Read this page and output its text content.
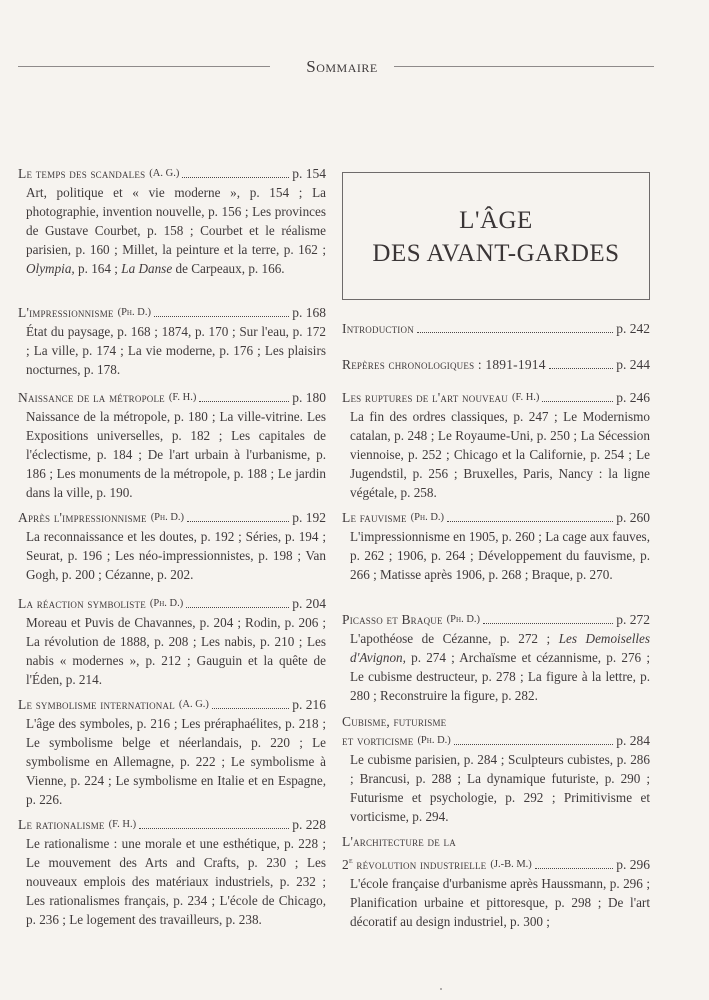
Sommaire
L'ÂGE
DES AVANT-GARDES
Le temps des scandales (A. G.)	p. 154
Art, politique et « vie moderne », p. 154 ; La photographie, invention nouvelle, p. 156 ; Les provinces de Gustave Courbet, p. 158 ; Courbet et le réalisme parisien, p. 160 ; Millet, la peinture et la terre, p. 162 ; Olympia, p. 164 ; La Danse de Carpeaux, p. 166.
L'impressionnisme (Ph. D.)	p. 168
État du paysage, p. 168 ; 1874, p. 170 ; Sur l'eau, p. 172 ; La ville, p. 174 ; La vie moderne, p. 176 ; Les plaisirs nocturnes, p. 178.
Naissance de la métropole (F. H.)	p. 180
Naissance de la métropole, p. 180 ; La ville-vitrine. Les Expositions universelles, p. 182 ; Les capitales de l'éclectisme, p. 184 ; De l'art urbain à l'urbanisme, p. 186 ; Les monuments de la métropole, p. 188 ; Le jardin dans la ville, p. 190.
Après l'impressionnisme (Ph. D.)	p. 192
La reconnaissance et les doutes, p. 192 ; Séries, p. 194 ; Seurat, p. 196 ; Les néo-impressionnistes, p. 198 ; Van Gogh, p. 200 ; Cézanne, p. 202.
La réaction symboliste (Ph. D.)	p. 204
Moreau et Puvis de Chavannes, p. 204 ; Rodin, p. 206 ; La révolution de 1888, p. 208 ; Les nabis, p. 210 ; Les nabis « modernes », p. 212 ; Gauguin et la quête de l'Éden, p. 214.
Le symbolisme international (A. G.)	p. 216
L'âge des symboles, p. 216 ; Les préraphaélites, p. 218 ; Le symbolisme belge et néerlandais, p. 220 ; Le symbolisme en Allemagne, p. 222 ; Le symbolisme à Vienne, p. 224 ; Le symbolisme en Italie et en Espagne, p. 226.
Le rationalisme (F. H.)	p. 228
Le rationalisme : une morale et une esthétique, p. 228 ; Le mouvement des Arts and Crafts, p. 230 ; Les nouveaux emplois des matériaux industriels, p. 232 ; Les rationalismes français, p. 234 ; L'école de Chicago, p. 236 ; Le logement des travailleurs, p. 238.
Introduction	p. 242
Repères chronologiques : 1891-1914	p. 244
Les ruptures de l'art nouveau (F. H.)	p. 246
La fin des ordres classiques, p. 247 ; Le Modernismo catalan, p. 248 ; Le Royaume-Uni, p. 250 ; La Sécession viennoise, p. 252 ; Chicago et la Californie, p. 254 ; Le Jugendstil, p. 256 ; Bruxelles, Paris, Nancy : la ligne végétale, p. 258.
Le fauvisme (Ph. D.)	p. 260
L'impressionnisme en 1905, p. 260 ; La cage aux fauves, p. 262 ; 1906, p. 264 ; Développement du fauvisme, p. 266 ; Matisse après 1906, p. 268 ; Braque, p. 270.
Picasso et Braque (Ph. D.)	p. 272
L'apothéose de Cézanne, p. 272 ; Les Demoiselles d'Avignon, p. 274 ; Archaïsme et cézannisme, p. 276 ; Le cubisme destructeur, p. 278 ; La figure à la lettre, p. 280 ; Reconstruire la figure, p. 282.
Cubisme, futurisme
et vorticisme (Ph. D.)	p. 284
Le cubisme parisien, p. 284 ; Sculpteurs cubistes, p. 286 ; Brancusi, p. 288 ; La dynamique futuriste, p. 290 ; Futurisme et psychologie, p. 292 ; Primitivisme et vorticisme, p. 294.
L'architecture de la
2e révolution industrielle (J.-B. M.)	p. 296
L'école française d'urbanisme après Haussmann, p. 296 ; Planification urbaine et pittoresque, p. 298 ; De l'art décoratif au design industriel, p. 300 ;
